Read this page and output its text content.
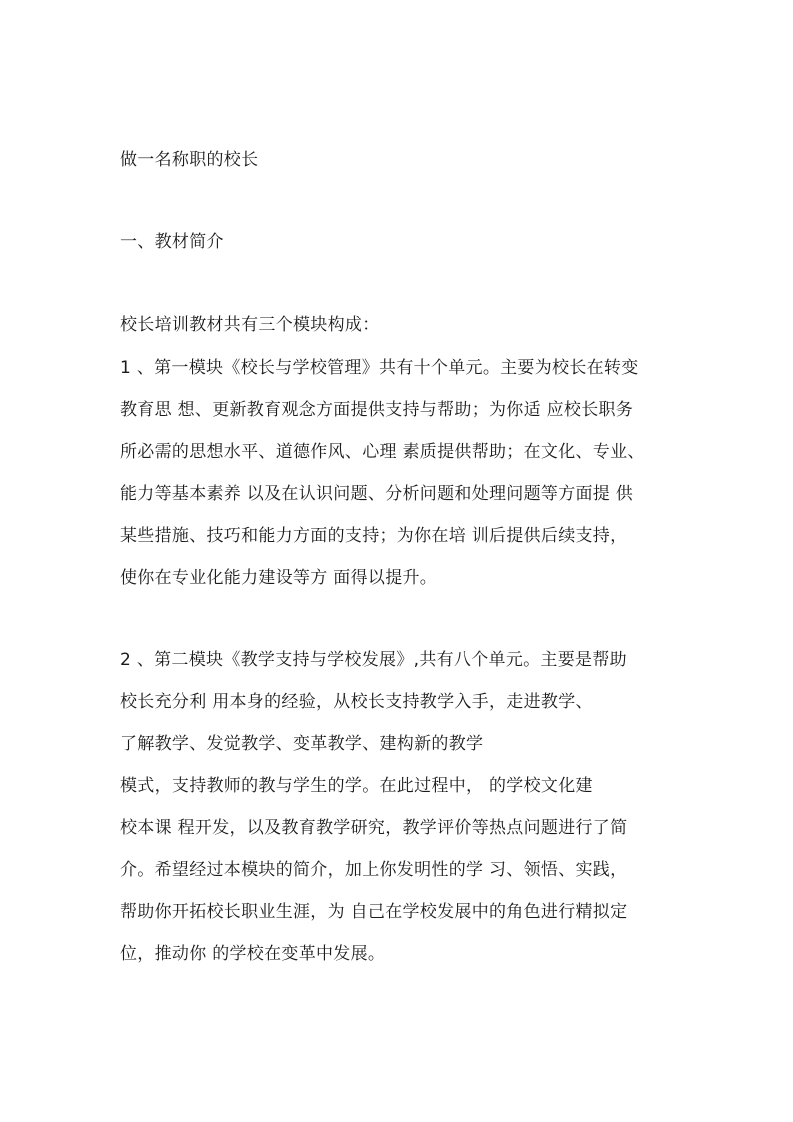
做一名称职的校长
一、教材简介
校长培训教材共有三个模块构成：
1 、第一模块《校长与学校管理》共有十个单元。主要为校长在转变
教育思 想、更新教育观念方面提供支持与帮助；为你适 应校长职务
所必需的思想水平、道德作风、心理 素质提供帮助；在文化、专业、
能力等基本素养 以及在认识问题、分析问题和处理问题等方面提 供
某些措施、技巧和能力方面的支持；为你在培 训后提供后续支持，
使你在专业化能力建设等方 面得以提升。
2 、第二模块《教学支持与学校发展》,共有八个单元。主要是帮助
校长充分利 用本身的经验，从校长支持教学入手，走进教学、
了解教学、发觉教学、变革教学、建构新的教学
模式，支持教师的教与学生的学。在此过程中， 的学校文化建
校本课 程开发，以及教育教学研究，教学评价等热点问题进行了简
介。希望经过本模块的简介，加上你发明性的学 习、领悟、实践，
帮助你开拓校长职业生涯，为 自己在学校发展中的角色进行精拟定
位，推动你 的学校在变革中发展。
